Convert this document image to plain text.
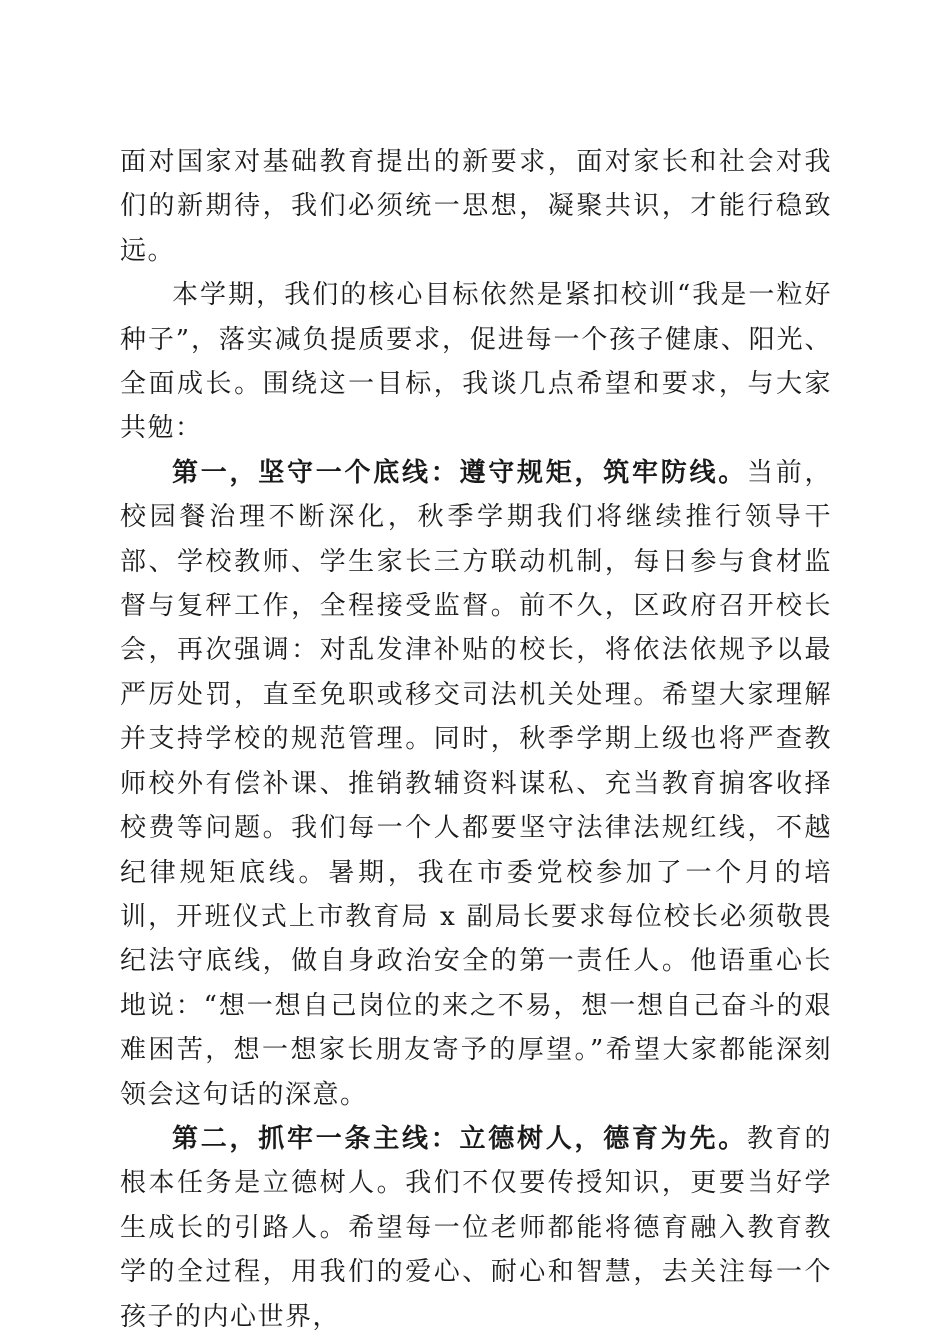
面对国家对基础教育提出的新要求，面对家长和社会对我们的新期待，我们必须统一思想，凝聚共识，才能行稳致远。

本学期，我们的核心目标依然是紧扣校训“我是一粒好种子”，落实减负提质要求，促进每一个孩子健康、阳光、全面成长。围绕这一目标，我谈几点希望和要求，与大家共勉：

第一，坚守一个底线：遵守规矩，筑牢防线。当前，校园餐治理不断深化，秋季学期我们将继续推行领导干部、学校教师、学生家长三方联动机制，每日参与食材监督与复秤工作，全程接受监督。前不久，区政府召开校长会，再次强调：对乱发津补贴的校长，将依法依规予以最严厉处罚，直至免职或移交司法机关处理。希望大家理解并支持学校的规范管理。同时，秋季学期上级也将严查教师校外有偿补课、推销教辅资料谋私、充当教育掮客收择校费等问题。我们每一个人都要坚守法律法规红线，不越纪律规矩底线。暑期，我在市委党校参加了一个月的培训，开班仪式上市教育局 x 副局长要求每位校长必须敬畏纪法守底线，做自身政治安全的第一责任人。他语重心长地说：“想一想自己岗位的来之不易，想一想自己奋斗的艰难困苦，想一想家长朋友寄予的厚望。”希望大家都能深刻领会这句话的深意。

第二，抓牢一条主线：立德树人，德育为先。教育的根本任务是立德树人。我们不仅要传授知识，更要当好学生成长的引路人。希望每一位老师都能将德育融入教育教学的全过程，用我们的爱心、耐心和智慧，去关注每一个孩子的内心世界，
